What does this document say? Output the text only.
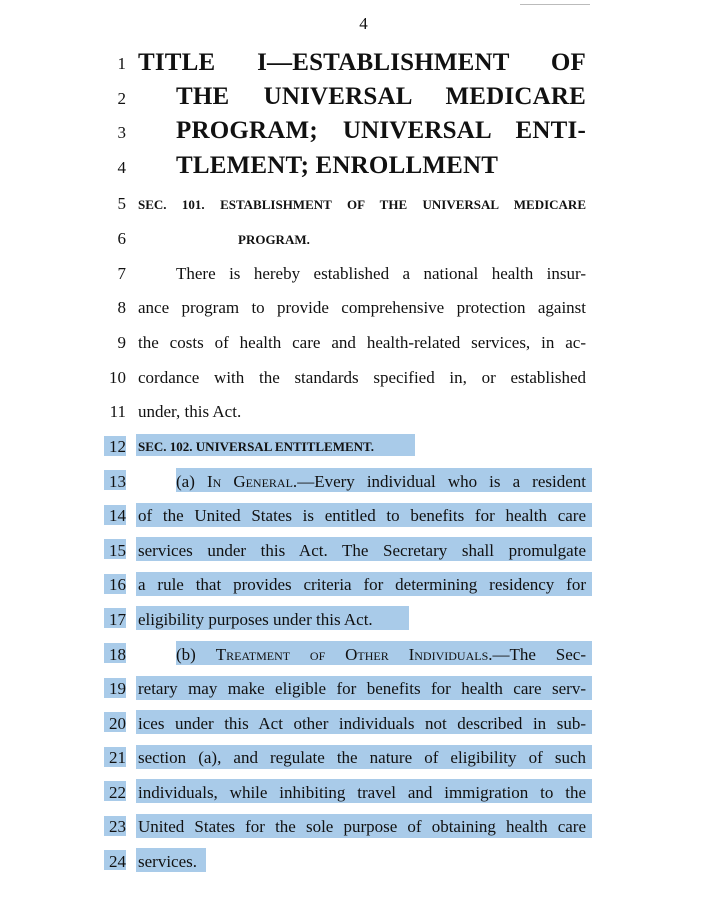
4
1 TITLE I—ESTABLISHMENT OF
2 THE UNIVERSAL MEDICARE
3 PROGRAM; UNIVERSAL ENTI-
4 TLEMENT; ENROLLMENT
5 SEC. 101. ESTABLISHMENT OF THE UNIVERSAL MEDICARE
6	PROGRAM.
7	There is hereby established a national health insur-
8 ance program to provide comprehensive protection against
9 the costs of health care and health-related services, in ac-
10 cordance with the standards specified in, or established
11 under, this Act.
12 SEC. 102. UNIVERSAL ENTITLEMENT.
13	(a) In General.—Every individual who is a resident
14 of the United States is entitled to benefits for health care
15 services under this Act. The Secretary shall promulgate
16 a rule that provides criteria for determining residency for
17 eligibility purposes under this Act.
18	(b) Treatment of Other Individuals.—The Sec-
19 retary may make eligible for benefits for health care serv-
20 ices under this Act other individuals not described in sub-
21 section (a), and regulate the nature of eligibility of such
22 individuals, while inhibiting travel and immigration to the
23 United States for the sole purpose of obtaining health care
24 services.
